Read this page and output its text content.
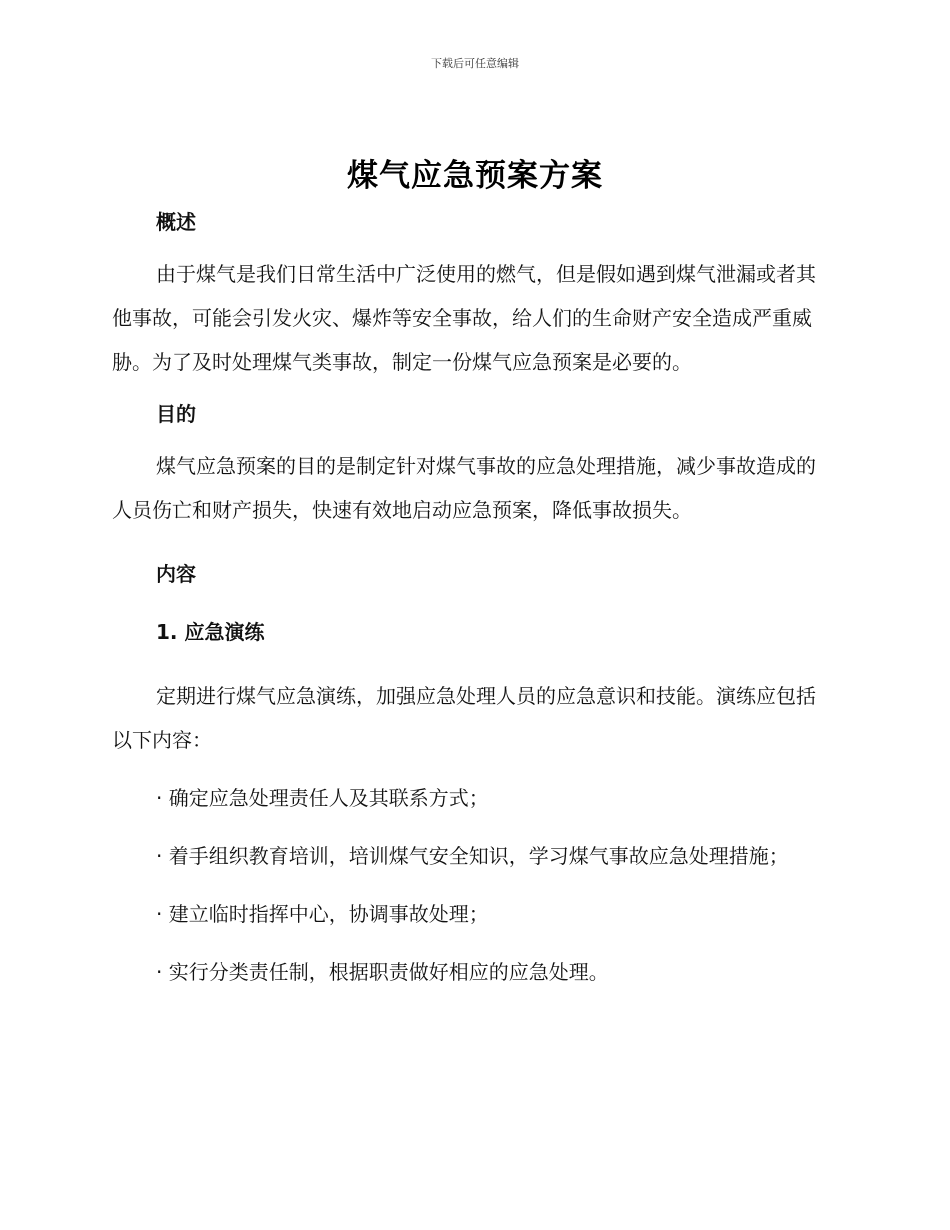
下载后可任意编辑
煤气应急预案方案
概述

由于煤气是我们日常生活中广泛使用的燃气，但是假如遇到煤气泄漏或者其他事故，可能会引发火灾、爆炸等安全事故，给人们的生命财产安全造成严重威胁。为了及时处理煤气类事故，制定一份煤气应急预案是必要的。

目的

煤气应急预案的目的是制定针对煤气事故的应急处理措施，减少事故造成的人员伤亡和财产损失，快速有效地启动应急预案，降低事故损失。

内容
1. 应急演练

定期进行煤气应急演练，加强应急处理人员的应急意识和技能。演练应包括以下内容：

· 确定应急处理责任人及其联系方式；

· 着手组织教育培训，培训煤气安全知识，学习煤气事故应急处理措施；

· 建立临时指挥中心，协调事故处理；

· 实行分类责任制，根据职责做好相应的应急处理。
